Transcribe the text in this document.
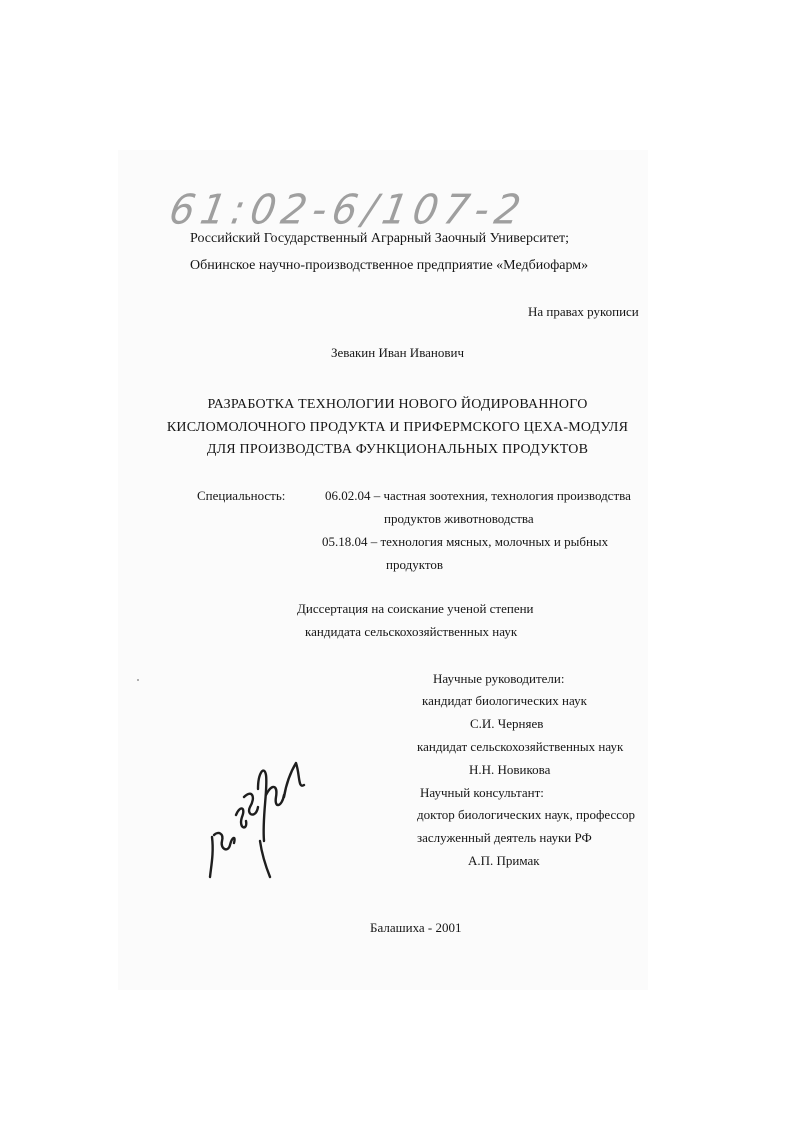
61:02-6/107-2
Российский Государственный Аграрный Заочный Университет;
Обнинское научно-производственное предприятие «Медбиофарм»
На правах рукописи
Зевакин Иван Иванович
РАЗРАБОТКА ТЕХНОЛОГИИ НОВОГО ЙОДИРОВАННОГО
КИСЛОМОЛОЧНОГО ПРОДУКТА И ПРИФЕРМСКОГО ЦЕХА-МОДУЛЯ
ДЛЯ ПРОИЗВОДСТВА ФУНКЦИОНАЛЬНЫХ ПРОДУКТОВ
Специальность:	06.02.04 – частная зоотехния, технология производства
продуктов животноводства
05.18.04 – технология мясных, молочных и рыбных
продуктов
Диссертация на соискание ученой степени
кандидата сельскохозяйственных наук
Научные руководители:
кандидат биологических наук
С.И. Черняев
кандидат сельскохозяйственных наук
Н.Н. Новикова
Научный консультант:
доктор биологических наук, профессор
заслуженный деятель науки РФ
А.П. Примак
Балашиха - 2001
